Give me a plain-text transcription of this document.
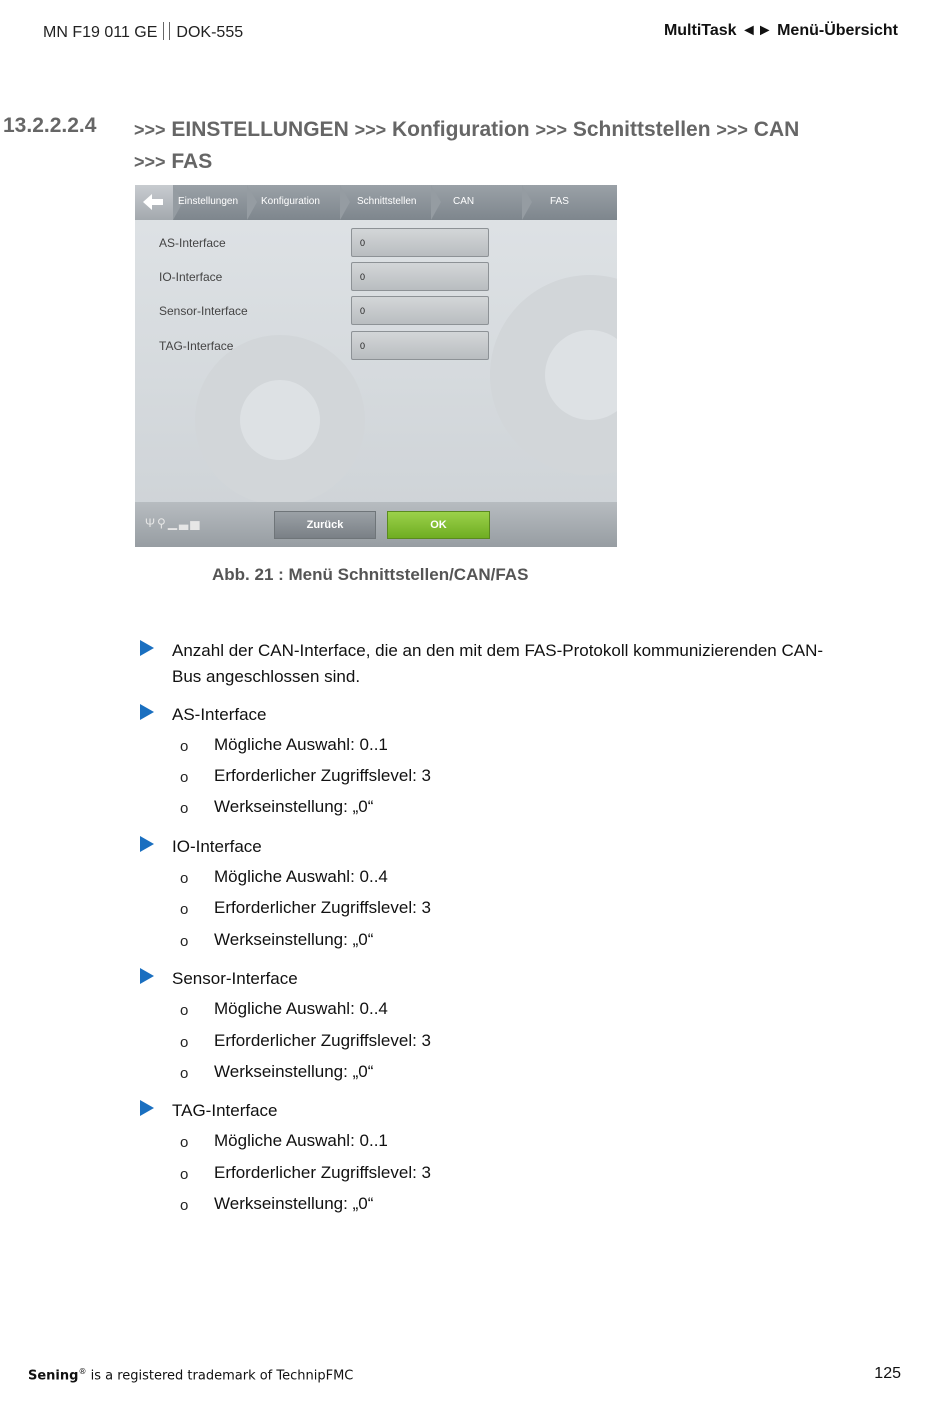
MN F19 011 GE DOK-555	MultiTask ◄► Menü-Übersicht
13.2.2.2.4 >>> EINSTELLUNGEN >>> Konfiguration >>> Schnittstellen >>> CAN
>>> FAS
Einstellungen Konfiguration	Schnittstellen	CAN	FAS
AS-Interface	0
IO-Interface	0
Sensor-Interface	0
TAG-Interface	0
Ψ⚲▁▃▅	Zurück	OK
Abb. 21 : Menü Schnittstellen/CAN/FAS
Anzahl der CAN-Interface, die an den mit dem FAS-Protokoll kommunizierenden CAN-
Bus angeschlossen sind.
AS-Interface
o Mögliche Auswahl: 0..1
o Erforderlicher Zugriffslevel: 3
o Werkseinstellung: „0“
IO-Interface
o Mögliche Auswahl: 0..4
o Erforderlicher Zugriffslevel: 3
o Werkseinstellung: „0“
Sensor-Interface
o Mögliche Auswahl: 0..4
o Erforderlicher Zugriffslevel: 3
o Werkseinstellung: „0“
TAG-Interface
o Mögliche Auswahl: 0..1
o Erforderlicher Zugriffslevel: 3
o Werkseinstellung: „0“
Sening® is a registered trademark of TechnipFMC	125
